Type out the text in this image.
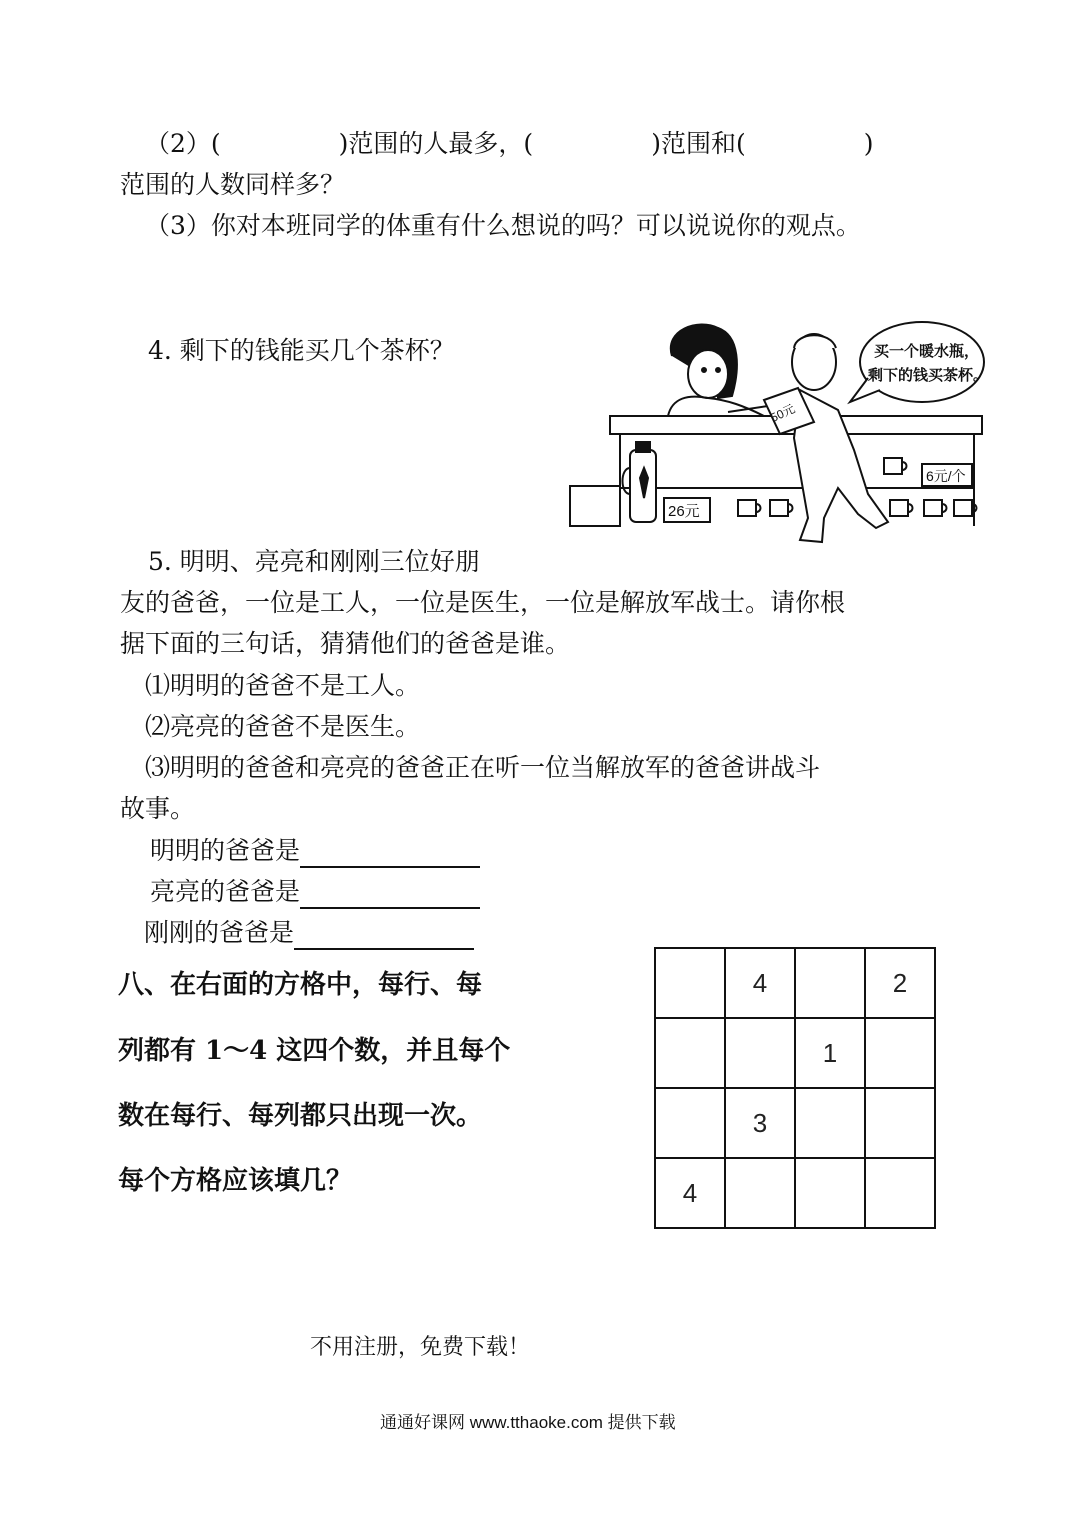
（2）(	)范围的人最多，(	)范围和(	)
范围的人数同样多？
（3）你对本班同学的体重有什么想说的吗？可以说说你的观点。
4. 剩下的钱能买几个茶杯？	买一个暖水瓶，
剩下的钱买茶杯。
50元
26元
6元/个
5. 明明、亮亮和刚刚三位好朋
友的爸爸，一位是工人，一位是医生，一位是解放军战士。请你根
据下面的三句话，猜猜他们的爸爸是谁。
⑴明明的爸爸不是工人。
⑵亮亮的爸爸不是医生。
⑶明明的爸爸和亮亮的爸爸正在听一位当解放军的爸爸讲战斗
故事。
明明的爸爸是
亮亮的爸爸是
刚刚的爸爸是
八、在右面的方格中，每行、每
列都有 1～4 这四个数，并且每个
数在每行、每列都只出现一次。
每个方格应该填几？
	4		2
		1	
	3		
4			
不用注册，免费下载！
通通好课网 www.tthaoke.com 提供下载
